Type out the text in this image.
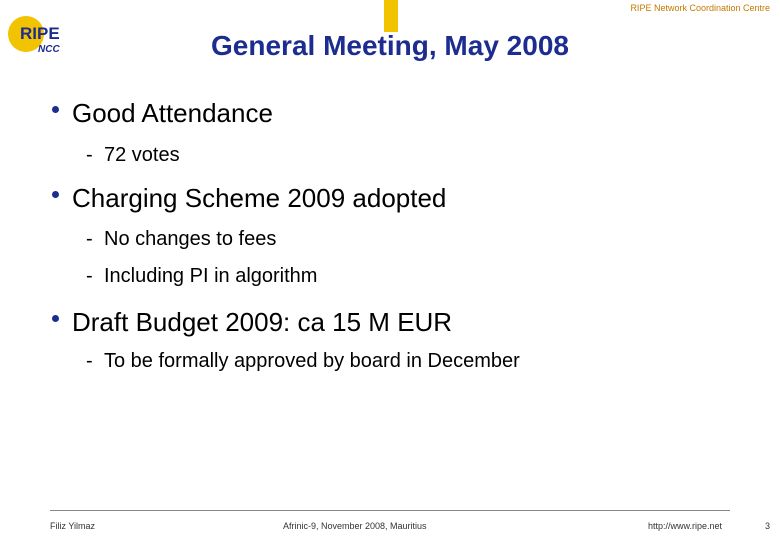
RIPE
NCC
RIPE Network Coordination Centre
General Meeting, May 2008
Good Attendance
- 72 votes
Charging Scheme 2009 adopted
- No changes to fees
- Including PI in algorithm
Draft Budget 2009: ca 15 M EUR
- To be formally approved by board in December
Filiz Yilmaz	Afrinic-9, November 2008, Mauritius	http://www.ripe.net	3
